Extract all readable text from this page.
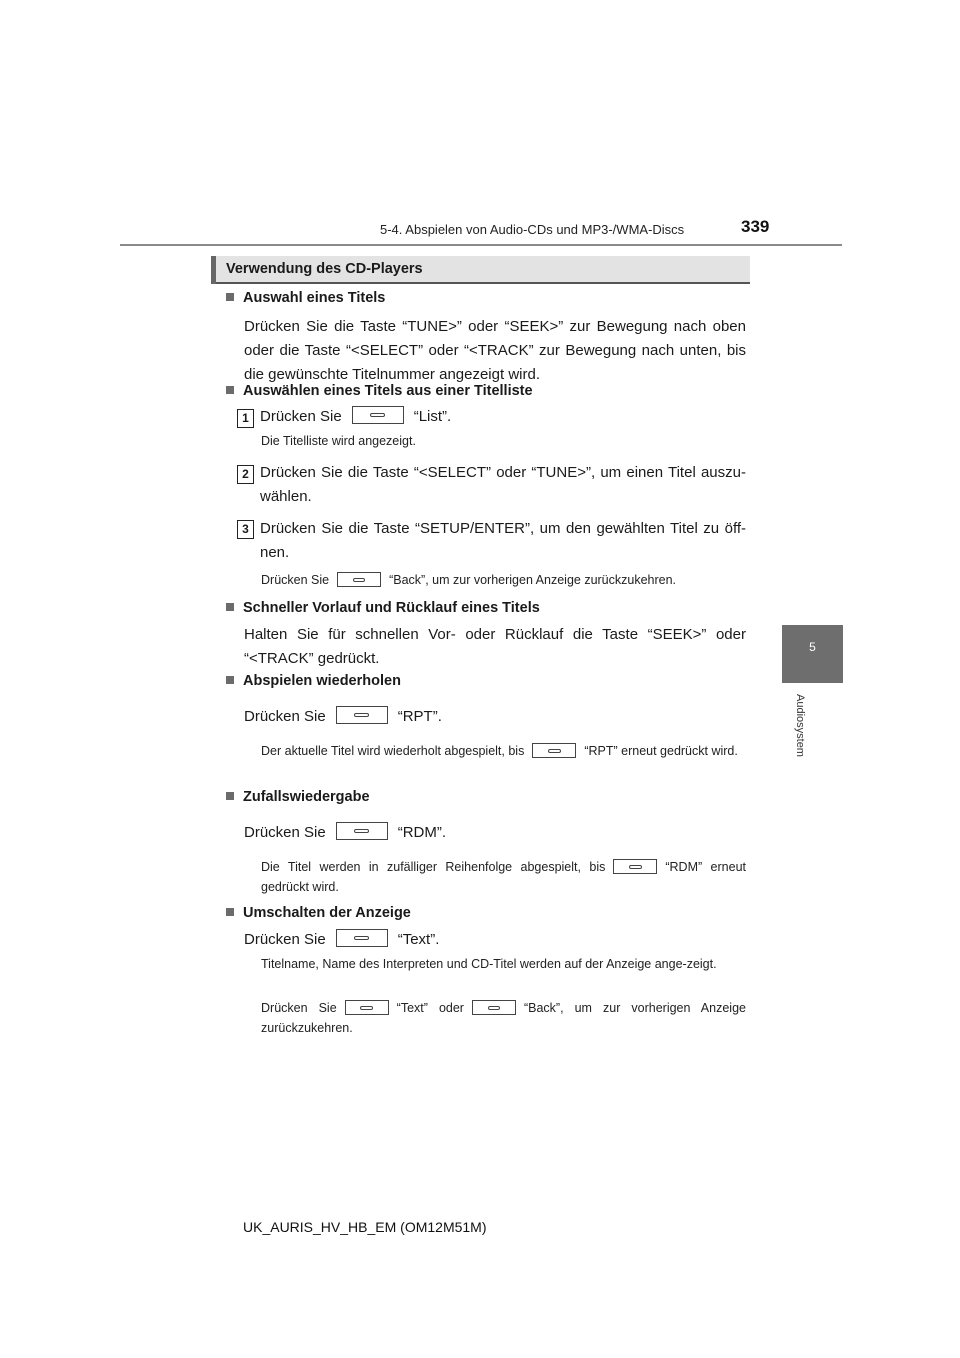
5-4. Abspielen von Audio-CDs und MP3-/WMA-Discs	339
5
Audiosystem
Verwendung des CD-Players
Auswahl eines Titels
Drücken Sie die Taste “TUNE>” oder “SEEK>” zur Bewegung nach oben oder die Taste “<SELECT” oder “<TRACK” zur Bewegung nach unten, bis die gewünschte Titelnummer angezeigt wird.
Auswählen eines Titels aus einer Titelliste
1 Drücken Sie	“List”.
Die Titelliste wird angezeigt.
2 Drücken Sie die Taste “<SELECT” oder “TUNE>”, um einen Titel auszu-wählen.
3 Drücken Sie die Taste “SETUP/ENTER”, um den gewählten Titel zu öff-nen.
Drücken Sie	“Back”, um zur vorherigen Anzeige zurückzukehren.
Schneller Vorlauf und Rücklauf eines Titels
Halten Sie für schnellen Vor- oder Rücklauf die Taste “SEEK>” oder “<TRACK” gedrückt.
Abspielen wiederholen
Drücken Sie	“RPT”.
Der aktuelle Titel wird wiederholt abgespielt, bis	“RPT” erneut gedrückt wird.
Zufallswiedergabe
Drücken Sie	“RDM”.
Die Titel werden in zufälliger Reihenfolge abgespielt, bis	“RDM” erneut gedrückt wird.
Umschalten der Anzeige
Drücken Sie	“Text”.
Titelname, Name des Interpreten und CD-Titel werden auf der Anzeige ange-zeigt.
Drücken Sie	“Text” oder	“Back”, um zur vorherigen Anzeige zurückzukehren.
UK_AURIS_HV_HB_EM (OM12M51M)
